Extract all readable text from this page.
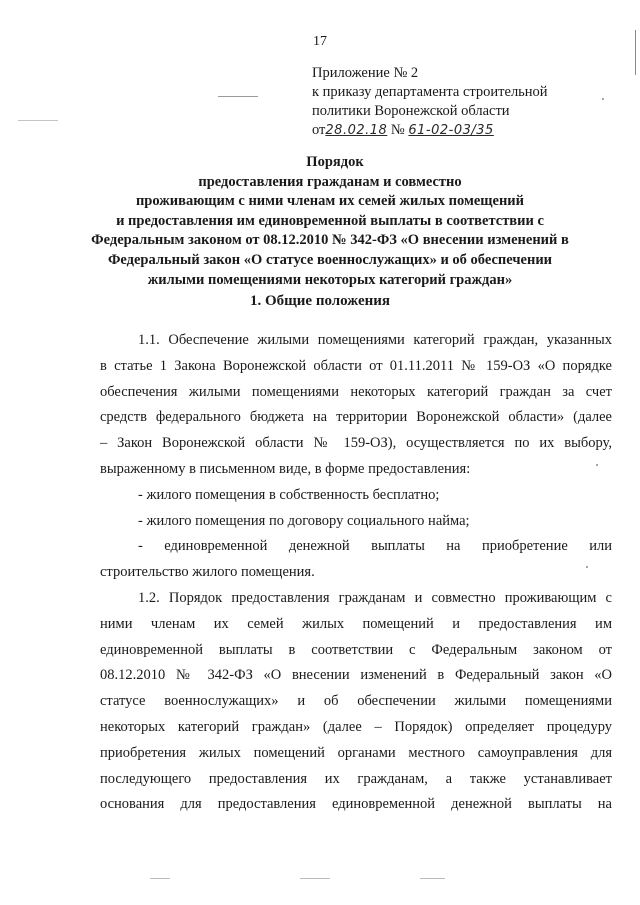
17
Приложение № 2
к приказу департамента строительной
политики Воронежской области
от28.02.18 № 61-02-03/35
Порядок
предоставления гражданам и совместно
проживающим с ними членам их семей жилых помещений
и предоставления им единовременной выплаты в соответствии с
Федеральным законом от 08.12.2010 № 342-ФЗ «О внесении изменений в
Федеральный закон «О статусе военнослужащих» и об обеспечении
жилыми помещениями некоторых категорий граждан»
1. Общие положения
1.1. Обеспечение жилыми помещениями категорий граждан, указанных
в статье 1 Закона Воронежской области от 01.11.2011 № 159-ОЗ «О порядке
обеспечения жилыми помещениями некоторых категорий граждан за счет
средств федерального бюджета на территории Воронежской области» (далее
– Закон Воронежской области № 159-ОЗ), осуществляется по их выбору,
выраженному в письменном виде, в форме предоставления:
- жилого помещения в собственность бесплатно;
- жилого помещения по договору социального найма;
- единовременной денежной выплаты на приобретение или
строительство жилого помещения.
1.2. Порядок предоставления гражданам и совместно проживающим с
ними членам их семей жилых помещений и предоставления им
единовременной выплаты в соответствии с Федеральным законом от
08.12.2010 № 342-ФЗ «О внесении изменений в Федеральный закон «О
статусе военнослужащих» и об обеспечении жилыми помещениями
некоторых категорий граждан» (далее – Порядок) определяет процедуру
приобретения жилых помещений органами местного самоуправления для
последующего предоставления их гражданам, а также устанавливает
основания для предоставления единовременной денежной выплаты на
